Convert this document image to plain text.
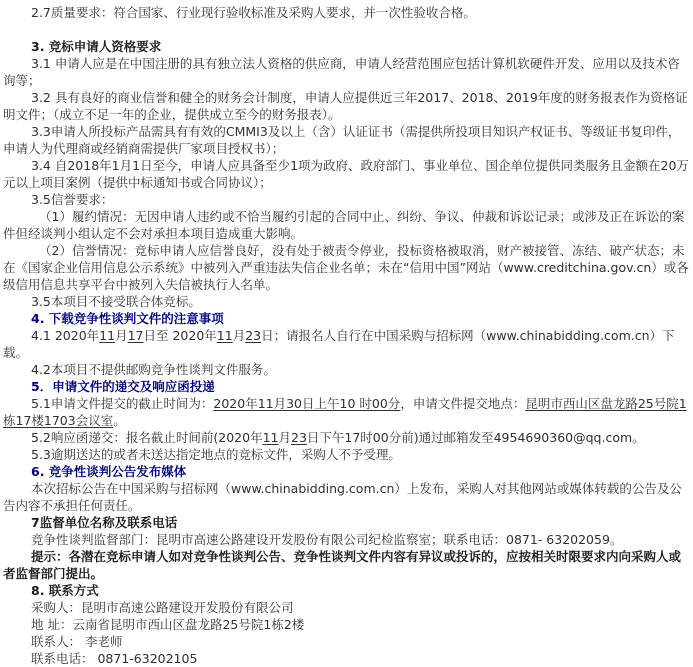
2.7质量要求：符合国家、行业现行验收标准及采购人要求，并一次性验收合格。

3. 竞标申请人资格要求

3.1 申请人应是在中国注册的具有独立法人资格的供应商，申请人经营范围应包括计算机软硬件开发、应用以及技术咨询等；

3.2 具有良好的商业信誉和健全的财务会计制度，申请人应提供近三年2017、2018、2019年度的财务报表作为资格证明文件；（成立不足一年的企业，提供成立至今的财务报表）。

3.3申请人所投标产品需具有有效的CMMI3及以上（含）认证证书（需提供所投项目知识产权证书、等级证书复印件，申请人为代理商或经销商需提供厂家项目授权书）；

3.4 自2018年1月1日至今，申请人应具备至少1项为政府、政府部门、事业单位、国企单位提供同类服务且金额在20万元以上项目案例（提供中标通知书或合同协议）；

3.5信誉要求：

（1）履约情况：无因申请人违约或不恰当履约引起的合同中止、纠纷、争议、仲裁和诉讼记录；或涉及正在诉讼的案件但经谈判小组认定不会对承担本项目造成重大影响。

（2）信誉情况：竞标申请人应信誉良好，没有处于被责令停业，投标资格被取消，财产被接管、冻结、破产状态；未在《国家企业信用信息公示系统》中被列入严重违法失信企业名单；未在“信用中国”网站（www.creditchina.gov.cn）或各级信用信息共享平台中被列入失信被执行人名单。

3.5本项目不接受联合体竞标。

4. 下载竞争性谈判文件的注意事项

4.1 2020年11月17日至 2020年11月23日；请报名人自行在中国采购与招标网（www.chinabidding.com.cn）下载。

4.2本项目不提供邮购竞争性谈判文件服务。

5．申请文件的递交及响应函投递

5.1申请文件提交的截止时间为：2020年11月30日上午10 时00分，申请文件提交地点：昆明市西山区盘龙路25号院1栋17楼1703会议室。

5.2响应函递交：报名截止时间前(2020年11月23日下午17时00分前)通过邮箱发至4954690360@qq.com。

5.3逾期送达的或者未送达指定地点的竞标文件，采购人不予受理。

6. 竞争性谈判公告发布媒体

本次招标公告在中国采购与招标网（www.chinabidding.com.cn）上发布，采购人对其他网站或媒体转载的公告及公告内容不承担任何责任。

7监督单位名称及联系电话

竞争性谈判监督部门：昆明市高速公路建设开发股份有限公司纪检监察室；联系电话：0871- 63202059。

提示：各潜在竞标申请人如对竞争性谈判公告、竞争性谈判文件内容有异议或投诉的，应按相关时限要求内向采购人或者监督部门提出。

8. 联系方式

采购人：昆明市高速公路建设开发股份有限公司

地 址：云南省昆明市西山区盘龙路25号院1栋2楼

联系人： 李老师

联系电话： 0871-63202105
